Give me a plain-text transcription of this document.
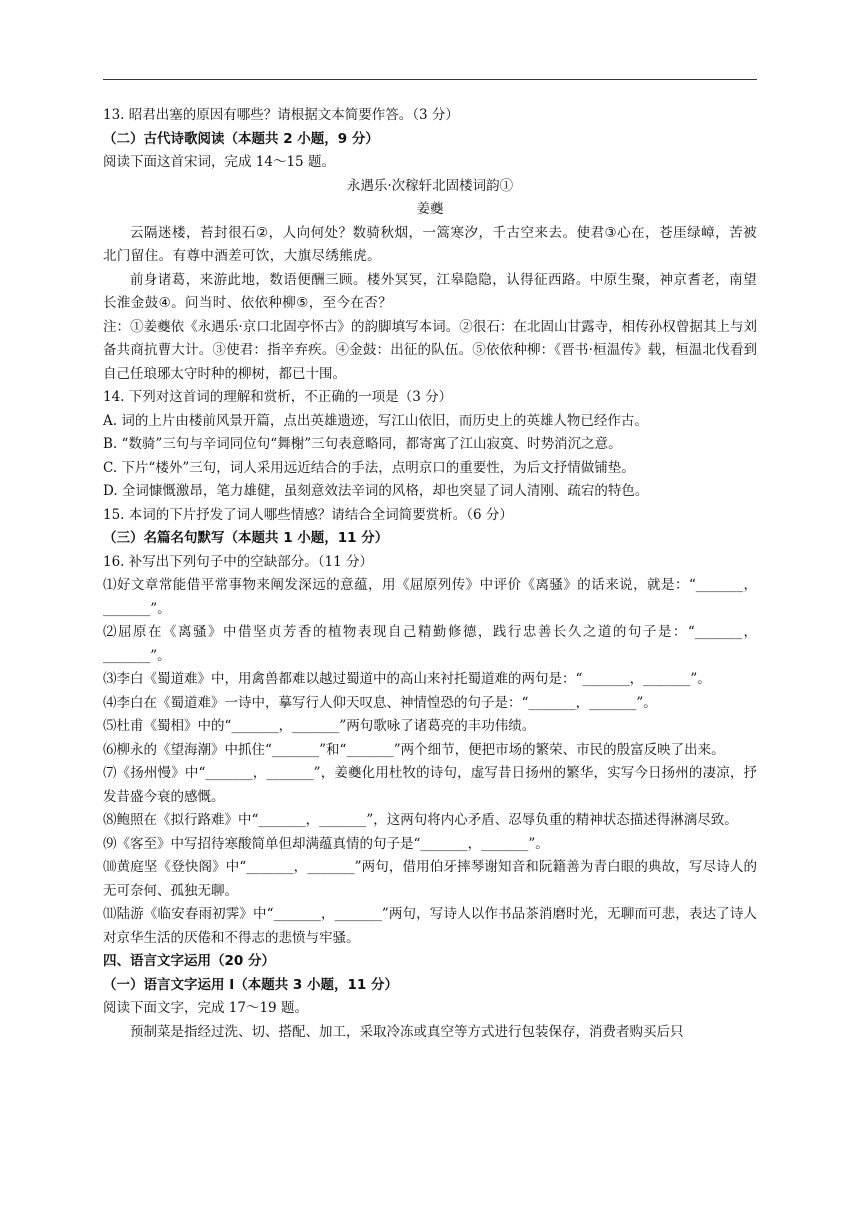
13. 昭君出塞的原因有哪些？请根据文本简要作答。（3 分）

（二）古代诗歌阅读（本题共 2 小题，9 分）

阅读下面这首宋词，完成 14～15 题。

永遇乐·次稼轩北固楼词韵①

姜夔

云隔迷楼，苔封很石②，人向何处？数骑秋烟，一篙寒汐，千古空来去。使君③心在，苍厓绿嶂，苦被北门留住。有尊中酒差可饮，大旗尽绣熊虎。

前身诸葛，来游此地，数语便酬三顾。楼外冥冥，江皋隐隐，认得征西路。中原生聚，神京耆老，南望长淮金鼓④。问当时、依依种柳⑤，至今在否？

注：①姜夔依《永遇乐·京口北固亭怀古》的韵脚填写本词。②很石：在北固山甘露寺，相传孙权曾据其上与刘备共商抗曹大计。③使君：指辛弃疾。④金鼓：出征的队伍。⑤依依种柳：《晋书·桓温传》载，桓温北伐看到自己任琅琊太守时种的柳树，都已十围。

14. 下列对这首词的理解和赏析，不正确的一项是（3 分）

A. 词的上片由楼前风景开篇，点出英雄遗迹，写江山依旧，而历史上的英雄人物已经作古。

B. “数骑”三句与辛词同位句“舞榭”三句表意略同，都寄寓了江山寂寞、时势消沉之意。

C. 下片“楼外”三句，词人采用远近结合的手法，点明京口的重要性，为后文抒情做铺垫。

D. 全词慷慨激昂，笔力雄健，虽刻意效法辛词的风格，却也突显了词人清刚、疏宕的特色。

15. 本词的下片抒发了词人哪些情感？请结合全词简要赏析。（6 分）

（三）名篇名句默写（本题共 1 小题，11 分）

16. 补写出下列句子中的空缺部分。（11 分）

⑴好文章常能借平常事物来阐发深远的意蕴，用《屈原列传》中评价《离骚》的话来说，就是：“_______，_______”。

⑵屈原在《离骚》中借坚贞芳香的植物表现自己精勤修德，践行忠善长久之道的句子是：“_______，_______”。

⑶李白《蜀道难》中，用禽兽都难以越过蜀道中的高山来衬托蜀道难的两句是：“_______，_______”。

⑷李白在《蜀道难》一诗中，摹写行人仰天叹息、神情惶恐的句子是：“_______，_______”。

⑸杜甫《蜀相》中的“_______，_______”两句歌咏了诸葛亮的丰功伟绩。

⑹柳永的《望海潮》中抓住“_______”和“_______”两个细节，便把市场的繁荣、市民的殷富反映了出来。

⑺《扬州慢》中“_______，_______”，姜夔化用杜牧的诗句，虚写昔日扬州的繁华，实写今日扬州的凄凉，抒发昔盛今衰的感慨。

⑻鲍照在《拟行路难》中“_______，_______”，这两句将内心矛盾、忍辱负重的精神状态描述得淋漓尽致。

⑼《客至》中写招待寒酸简单但却满蕴真情的句子是“_______，_______”。

⑽黄庭坚《登快阁》中“_______，_______”两句，借用伯牙摔琴谢知音和阮籍善为青白眼的典故，写尽诗人的无可奈何、孤独无聊。

⑾陆游《临安春雨初霁》中“_______，_______”两句，写诗人以作书品茶消磨时光，无聊而可悲，表达了诗人对京华生活的厌倦和不得志的悲愤与牢骚。

四、语言文字运用（20 分）

（一）语言文字运用 Ⅰ（本题共 3 小题，11 分）

阅读下面文字，完成 17～19 题。

预制菜是指经过洗、切、搭配、加工，采取冷冻或真空等方式进行包装保存，消费者购买后只
